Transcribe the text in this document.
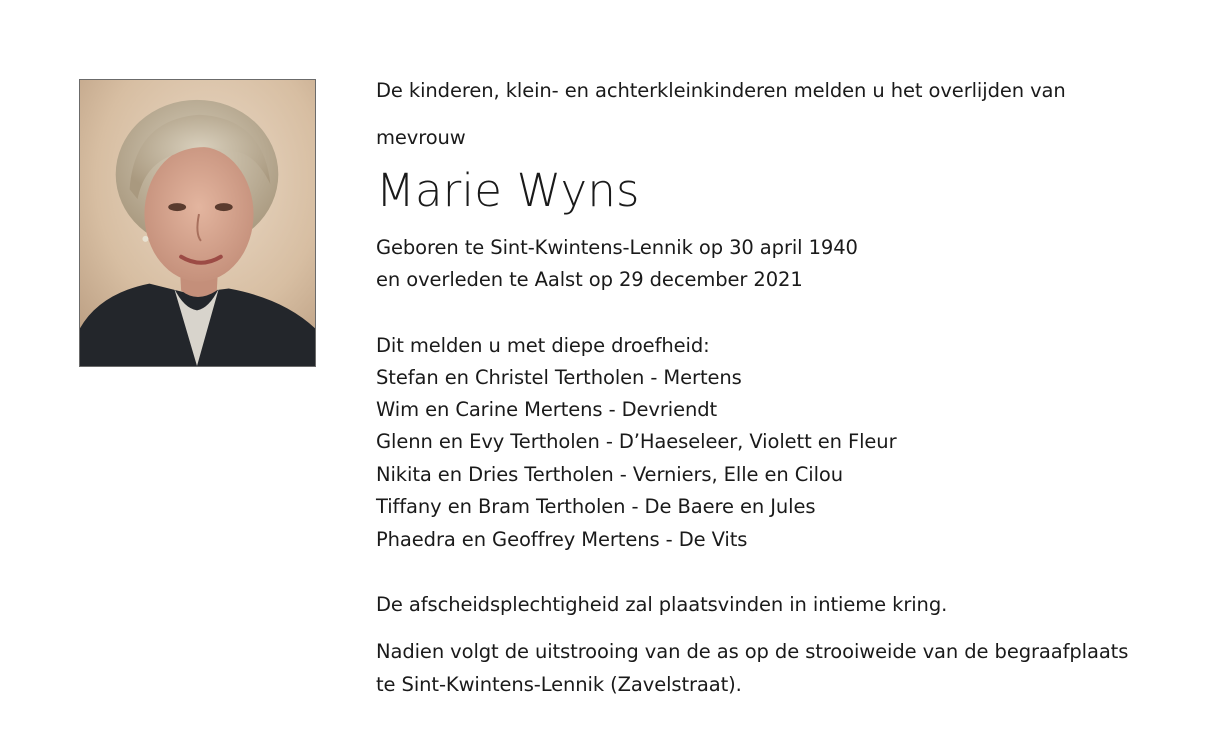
De kinderen, klein- en achterkleinkinderen melden u het overlijden van
mevrouw
Marie Wyns
Geboren te Sint-Kwintens-Lennik op 30 april 1940
en overleden te Aalst op 29 december 2021
Dit melden u met diepe droefheid:
Stefan en Christel Tertholen - Mertens
Wim en Carine Mertens - Devriendt
Glenn en Evy Tertholen - D’Haeseleer, Violett en Fleur
Nikita en Dries Tertholen - Verniers, Elle en Cilou
Tiffany en Bram Tertholen - De Baere en Jules
Phaedra en Geoffrey Mertens - De Vits
De afscheidsplechtigheid zal plaatsvinden in intieme kring.
Nadien volgt de uitstrooing van de as op de strooiweide van de begraafplaats
te Sint-Kwintens-Lennik (Zavelstraat).
